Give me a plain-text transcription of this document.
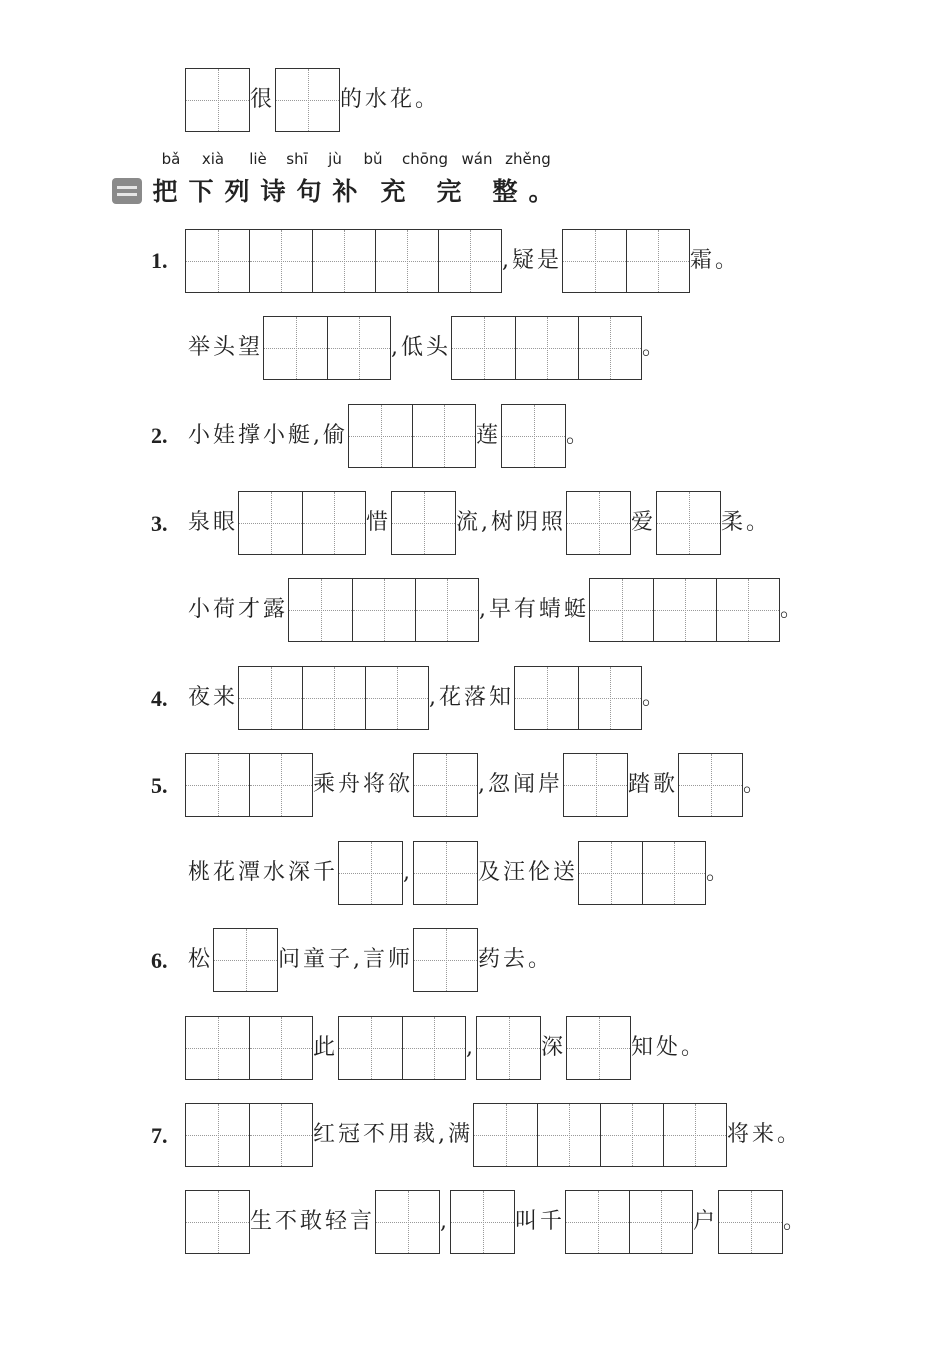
很	的水花。
bǎ	xià	liè	shī	jù	bǔ	chōng wán zhěng
把 下 列 诗 句 补 充 完 整 。
1.	,疑是	霜。
举头望	,低头	。
2. 小娃撑小艇,偷	莲	。
3. 泉眼	惜	流,树阴照	爱	柔。
小荷才露	,早有蜻蜓	。
4. 夜来	,花落知	。
5.	乘舟将欲	,忽闻岸	踏歌	。
桃花潭水深千	,	及汪伦送	。
6. 松	问童子,言师	药去。
此	,	深	知处。
7.	红冠不用裁,满	将来。
生不敢轻言	,	叫千	户	。
